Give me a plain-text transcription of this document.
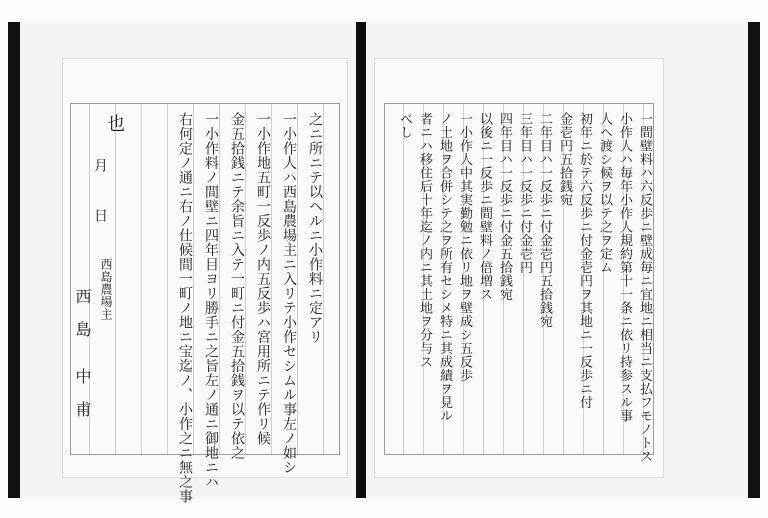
之ニ所ニテ以ヘルニ小作料ニ定アリ
一小作人ハ西島農場主ニ入リテ小作セシムル事左ノ如シ
一小作地五町一反歩ノ内五反歩ハ宮用所ニテ作リ候
金五拾銭ニテ余旨ニ入テ一町ニ付金五拾銭ヲ以テ依之
一小作料ノ間壁ニ四年目ヨリ勝手ニ之旨左ノ通ニ御地ニハ
右何定ノ通ニ右ノ仕候間一町ノ地ニ宝迄ノ、小作之ニ無之事
也
月
日
西島農場主
西　島
中　甫	一間壁料ハ六反歩ニ壁成毎ニ宜地ニ相当ニ支払フモノトス
小作人ハ毎年小作人規約第十一条ニ依リ持参スル事
人ヘ渡シ候ヲ以テ之ヲ定ム
初年ニ於テ六反歩ニ付金壱円ヲ其地ニ一反歩ニ付
金壱円五拾銭宛
二年目ハ一反歩ニ付金壱円五拾銭宛
三年目ハ一反歩ニ付金壱円
四年目ハ一反歩ニ付金五拾銭宛
以後ニ一反歩ニ間壁料ノ倍増ス
一小作人中其実勤勉ニ依リ地ヲ壁成シ五反歩
ノ土地ヲ合併シテ之ヲ所有セシメ特ニ其成績ヲ見ル
者ニハ移住后十年迄ノ内ニ其土地ヲ分与ス
べし
